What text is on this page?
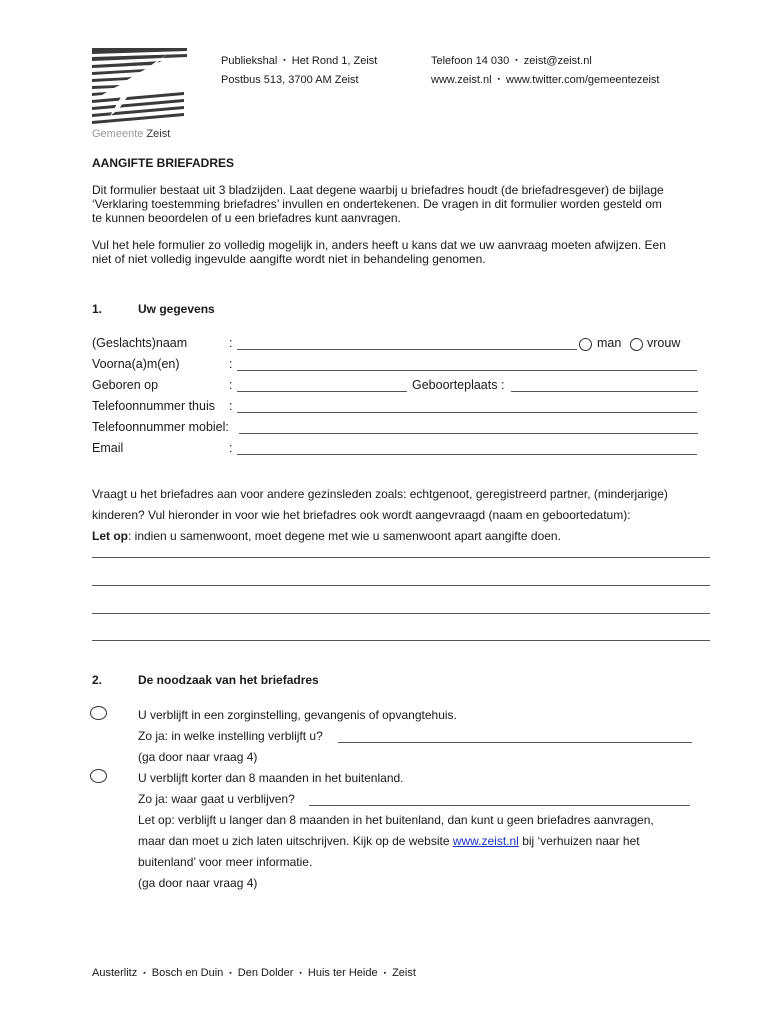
Gemeente Zeist
Publiekshal ▪ Het Rond 1, Zeist
Postbus 513, 3700 AM Zeist
Telefoon 14 030 ▪ zeist@zeist.nl
www.zeist.nl ▪ www.twitter.com/gemeentezeist
AANGIFTE BRIEFADRES
Dit formulier bestaat uit 3 bladzijden. Laat degene waarbij u briefadres houdt (de briefadresgever) de bijlage
‘Verklaring toestemming briefadres’ invullen en ondertekenen. De vragen in dit formulier worden gesteld om
te kunnen beoordelen of u een briefadres kunt aanvragen.
Vul het hele formulier zo volledig mogelijk in, anders heeft u kans dat we uw aanvraag moeten afwijzen. Een
niet of niet volledig ingevulde aangifte wordt niet in behandeling genomen.
1.	Uw gegevens
(Geslachts)naam	:	man vrouw
Voorna(a)m(en)	:
Geboren op	:	Geboorteplaats :
Telefoonnummer thuis :
Telefoonnummer mobiel:
Email	:
Vraagt u het briefadres aan voor andere gezinsleden zoals: echtgenoot, geregistreerd partner, (minderjarige)
kinderen? Vul hieronder in voor wie het briefadres ook wordt aangevraagd (naam en geboortedatum):
Let op: indien u samenwoont, moet degene met wie u samenwoont apart aangifte doen.
2.	De noodzaak van het briefadres
U verblijft in een zorginstelling, gevangenis of opvangtehuis.
Zo ja: in welke instelling verblijft u?
(ga door naar vraag 4)
U verblijft korter dan 8 maanden in het buitenland.
Zo ja: waar gaat u verblijven?
Let op: verblijft u langer dan 8 maanden in het buitenland, dan kunt u geen briefadres aanvragen,
maar dan moet u zich laten uitschrijven. Kijk op de website www.zeist.nl bij ‘verhuizen naar het
buitenland’ voor meer informatie.
(ga door naar vraag 4)
Austerlitz ▪ Bosch en Duin ▪ Den Dolder ▪ Huis ter Heide ▪ Zeist
